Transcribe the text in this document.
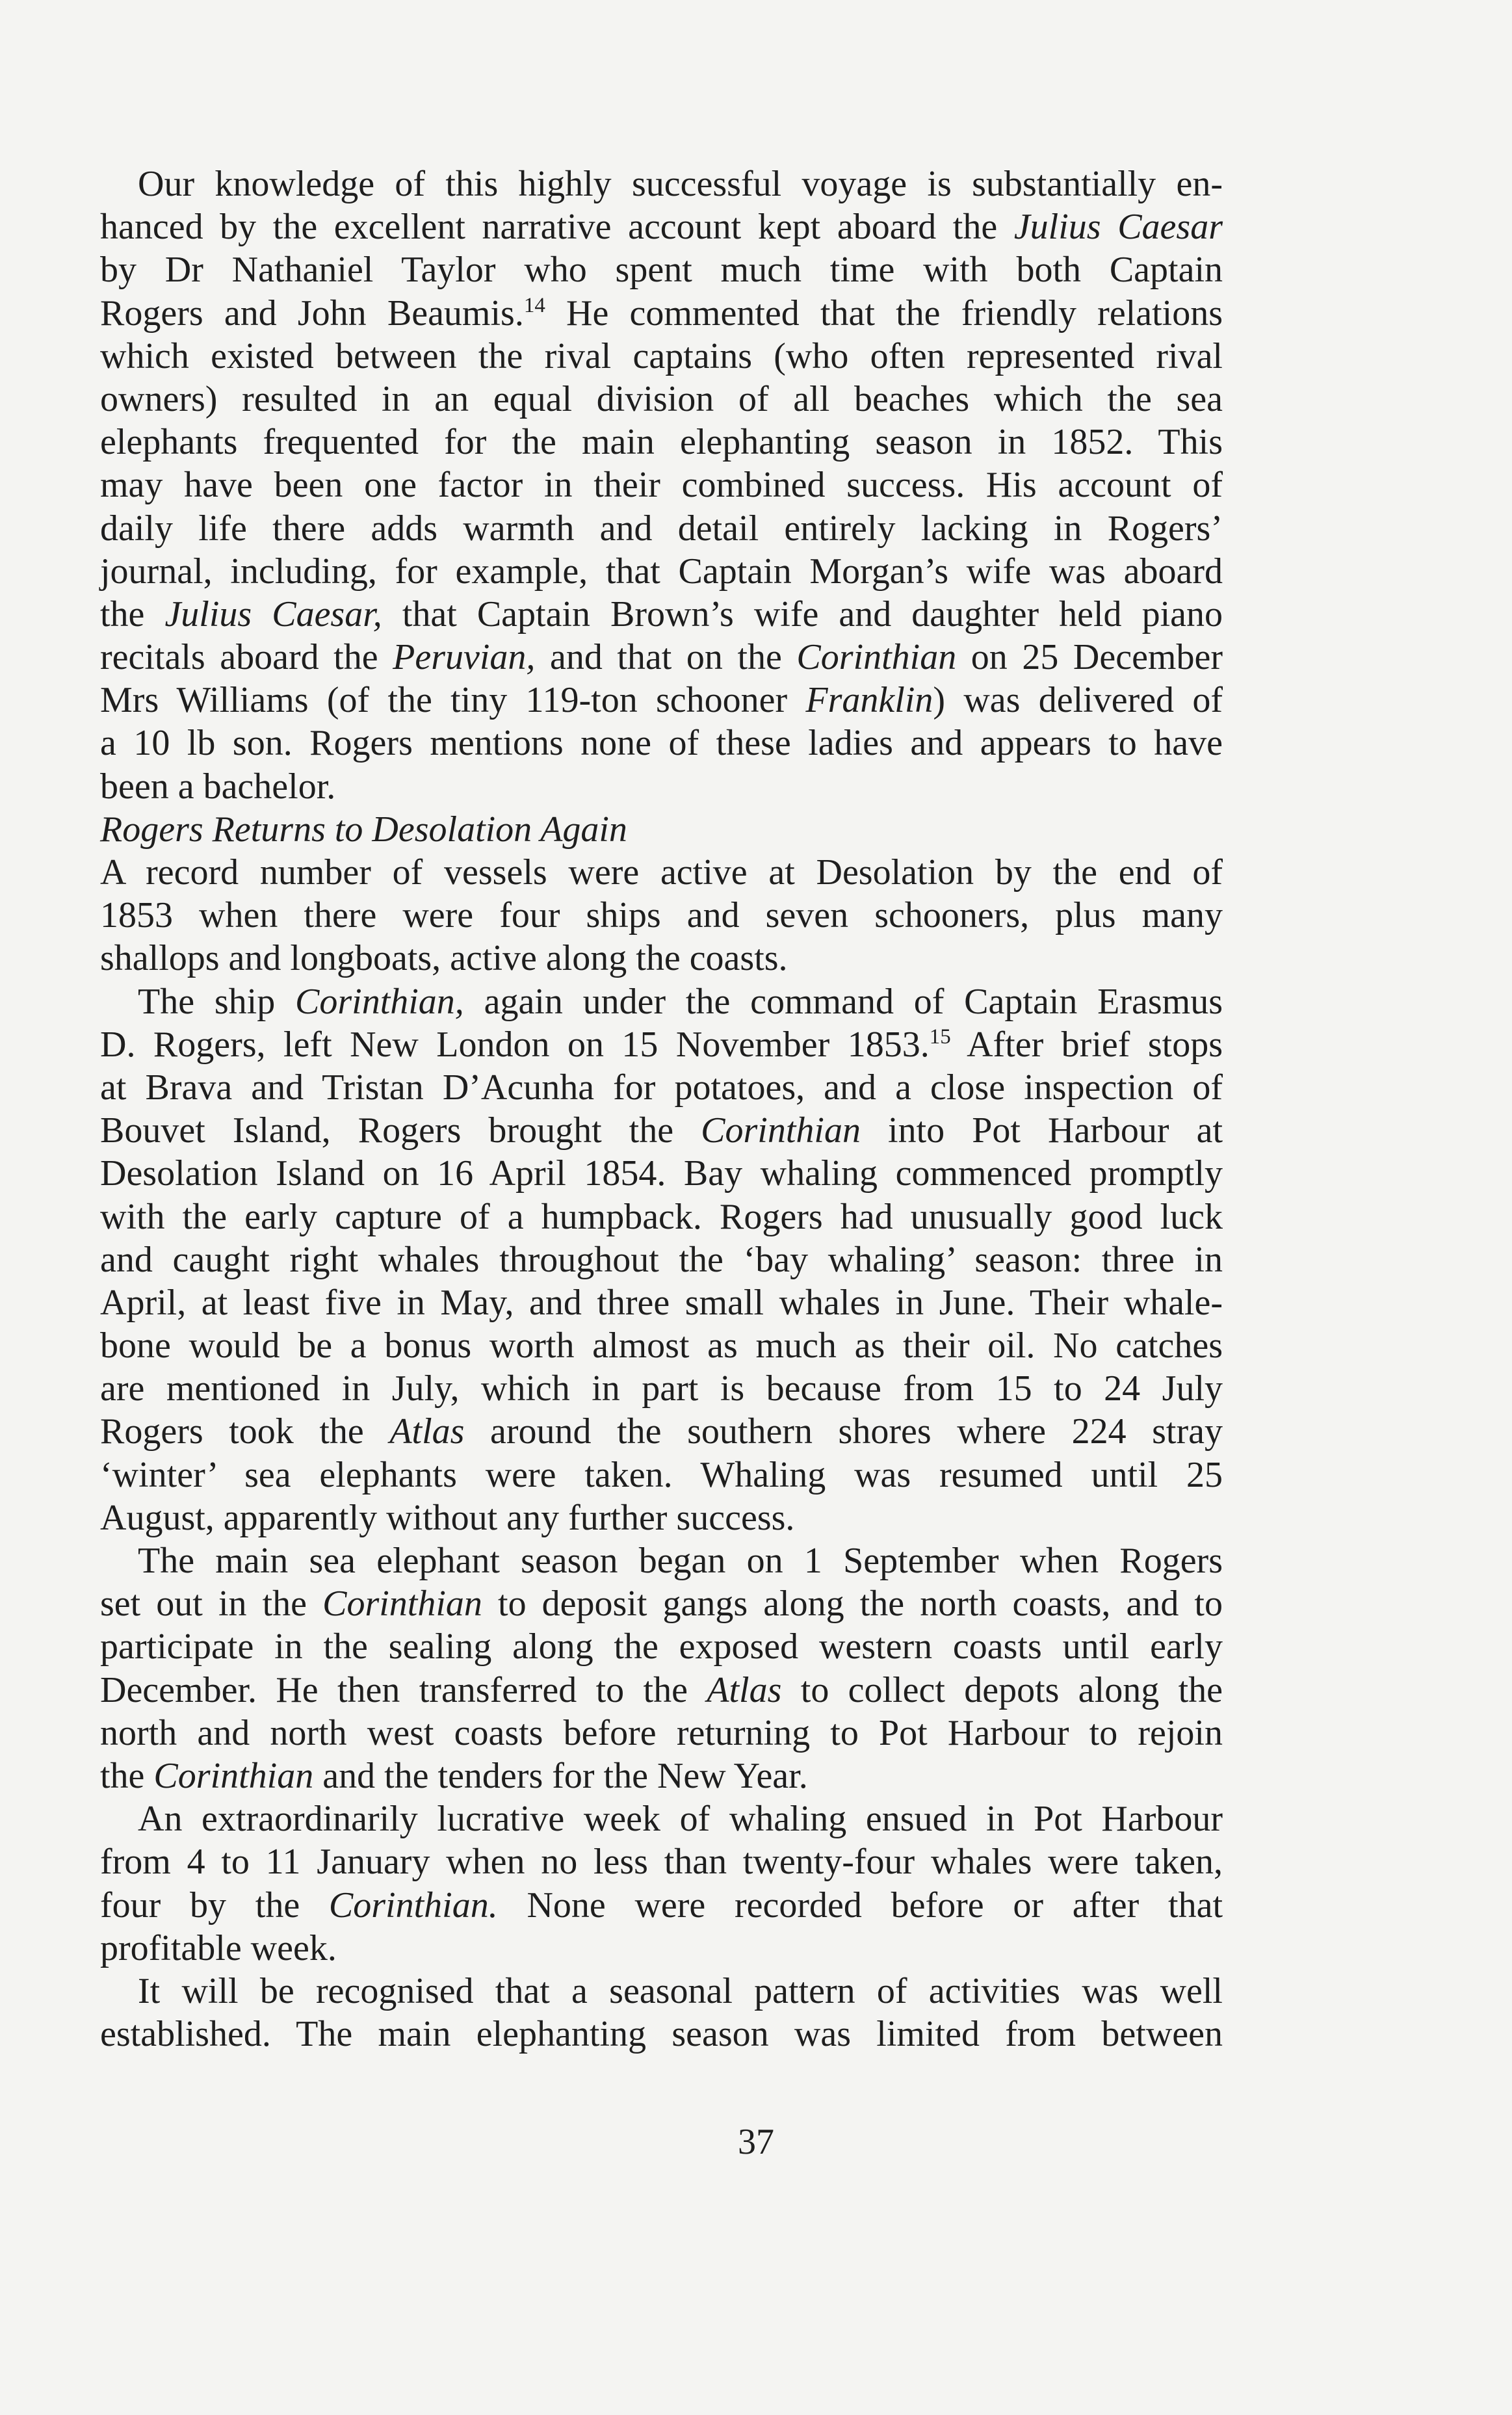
Our knowledge of this highly successful voyage is substantially en-
hanced by the excellent narrative account kept aboard the Julius Caesar
by Dr Nathaniel Taylor who spent much time with both Captain
Rogers and John Beaumis.$^{14}$ He commented that the friendly relations
which existed between the rival captains (who often represented rival
owners) resulted in an equal division of all beaches which the sea
elephants frequented for the main elephanting season in 1852. This
may have been one factor in their combined success. His account of
daily life there adds warmth and detail entirely lacking in Rogers’
journal, including, for example, that Captain Morgan’s wife was aboard
the Julius Caesar, that Captain Brown’s wife and daughter held piano
recitals aboard the Peruvian, and that on the Corinthian on 25 December
Mrs Williams (of the tiny 119-ton schooner Franklin) was delivered of
a 10 lb son. Rogers mentions none of these ladies and appears to have
been a bachelor.
Rogers Returns to Desolation Again
A record number of vessels were active at Desolation by the end of
1853 when there were four ships and seven schooners, plus many
shallops and longboats, active along the coasts.
The ship Corinthian, again under the command of Captain Erasmus
D. Rogers, left New London on 15 November 1853.15 After brief stops
at Brava and Tristan D’Acunha for potatoes, and a close inspection of
Bouvet Island, Rogers brought the Corinthian into Pot Harbour at
Desolation Island on 16 April 1854. Bay whaling commenced promptly
with the early capture of a humpback. Rogers had unusually good luck
and caught right whales throughout the ‘bay whaling’ season: three in
April, at least five in May, and three small whales in June. Their whale-
bone would be a bonus worth almost as much as their oil. No catches
are mentioned in July, which in part is because from 15 to 24 July
Rogers took the Atlas around the southern shores where 224 stray
‘winter’ sea elephants were taken. Whaling was resumed until 25
August, apparently without any further success.
The main sea elephant season began on 1 September when Rogers
set out in the Corinthian to deposit gangs along the north coasts, and to
participate in the sealing along the exposed western coasts until early
December. He then transferred to the Atlas to collect depots along the
north and north west coasts before returning to Pot Harbour to rejoin
the Corinthian and the tenders for the New Year.
An extraordinarily lucrative week of whaling ensued in Pot Harbour
from 4 to 11 January when no less than twenty-four whales were taken,
four by the Corinthian. None were recorded before or after that
profitable week.
It will be recognised that a seasonal pattern of activities was well
established. The main elephanting season was limited from between
37
